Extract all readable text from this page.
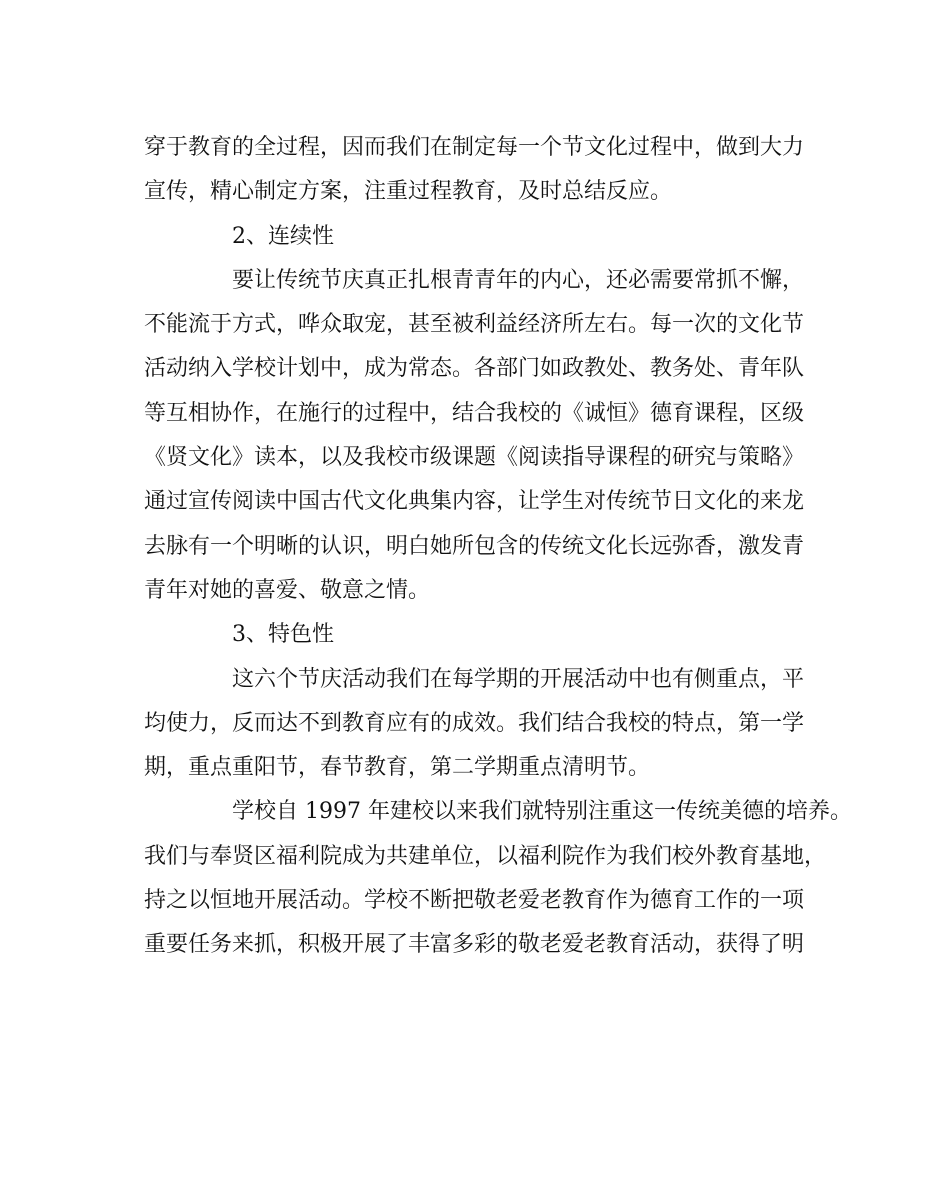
穿于教育的全过程，因而我们在制定每一个节文化过程中，做到大力
宣传，精心制定方案，注重过程教育，及时总结反应。
2、连续性
要让传统节庆真正扎根青青年的内心，还必需要常抓不懈，
不能流于方式，哗众取宠，甚至被利益经济所左右。每一次的文化节
活动纳入学校计划中，成为常态。各部门如政教处、教务处、青年队
等互相协作，在施行的过程中，结合我校的《诚恒》德育课程，区级
《贤文化》读本，以及我校市级课题《阅读指导课程的研究与策略》
通过宣传阅读中国古代文化典集内容，让学生对传统节日文化的来龙
去脉有一个明晰的认识，明白她所包含的传统文化长远弥香，激发青
青年对她的喜爱、敬意之情。
3、特色性
这六个节庆活动我们在每学期的开展活动中也有侧重点，平
均使力，反而达不到教育应有的成效。我们结合我校的特点，第一学
期，重点重阳节，春节教育，第二学期重点清明节。
学校自 1997 年建校以来我们就特别注重这一传统美德的培养。
我们与奉贤区福利院成为共建单位，以福利院作为我们校外教育基地，
持之以恒地开展活动。学校不断把敬老爱老教育作为德育工作的一项
重要任务来抓，积极开展了丰富多彩的敬老爱老教育活动，获得了明
